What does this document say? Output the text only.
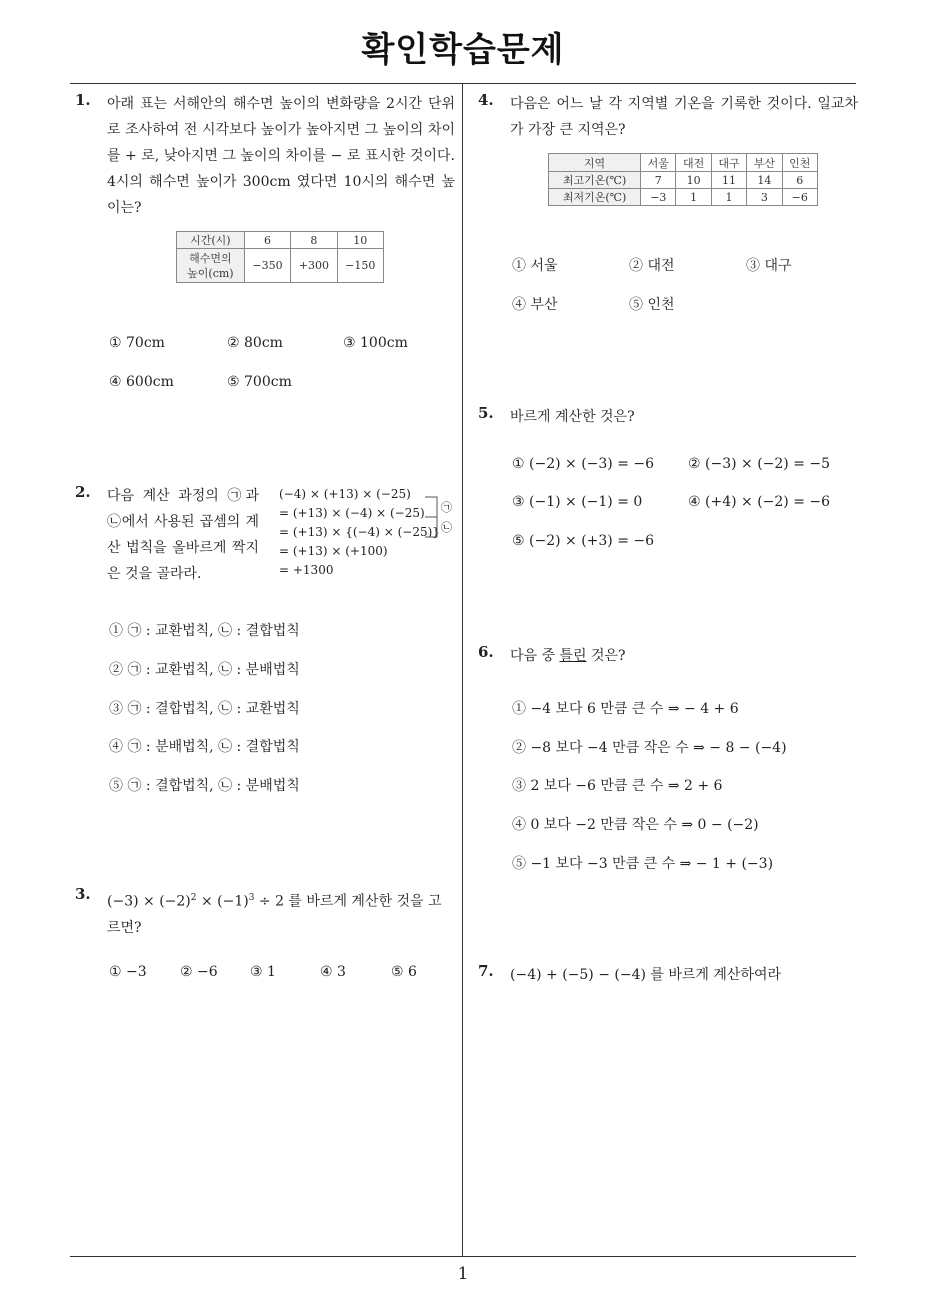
확인학습문제
1. 아래 표는 서해안의 해수면 높이의 변화량을 2시간 단위로 조사하여 전 시각보다 높이가 높아지면 그 높이의 차이를 + 로, 낮아지면 그 높이의 차이를 − 로 표시한 것이다. 4시의 해수면 높이가 300cm 였다면 10시의 해수면 높이는?
시간(시)	6	8	10
해수면의
높이(cm)	−350	+300	−150
① 70cm	② 80cm	③ 100cm
④ 600cm	⑤ 700cm
2. 다음 계산 과정의 ㉠과 ㉡에서 사용된 곱셈의 계산 법칙을 올바르게 짝지은 것을 골라라.
(−4) × (+13) × (−25)
= (+13) × (−4) × (−25)
= (+13) × {(−4) × (−25)}
= (+13) × (+100)
= +1300
㉠
㉡
① ㉠ : 교환법칙, ㉡ : 결합법칙
② ㉠ : 교환법칙, ㉡ : 분배법칙
③ ㉠ : 결합법칙, ㉡ : 교환법칙
④ ㉠ : 분배법칙, ㉡ : 결합법칙
⑤ ㉠ : 결합법칙, ㉡ : 분배법칙
3. $(-3) \times (-2)^2 \times (-1)^3 \div 2$ 를 바르게 계산한 것을 고
르면?
① −3 ② −6 ③ 1	④ 3	⑤ 6
4. 다음은 어느 날 각 지역별 기온을 기록한 것이다. 일교차가 가장 큰 지역은?
지역	서울	대전	대구	부산	인천
최고기온(℃)	7	10	11	14	6
최저기온(℃)	−3	1	1	3	−6
① 서울	② 대전	③ 대구
④ 부산	⑤ 인천
5. 바르게 계산한 것은?
① (−2) × (−3) = −6 ② (−3) × (−2) = −5
③ (−1) × (−1) = 0	④ (+4) × (−2) = −6
⑤ (−2) × (+3) = −6
6. 다음 중 틀린 것은?
① −4 보다 6 만큼 큰 수 ⇒ − 4 + 6
② −8 보다 −4 만큼 작은 수 ⇒ − 8 − (−4)
③ 2 보다 −6 만큼 큰 수 ⇒ 2 + 6
④ 0 보다 −2 만큼 작은 수 ⇒ 0 − (−2)
⑤ −1 보다 −3 만큼 큰 수 ⇒ − 1 + (−3)
7. (−4) + (−5) − (−4) 를 바르게 계산하여라
1
